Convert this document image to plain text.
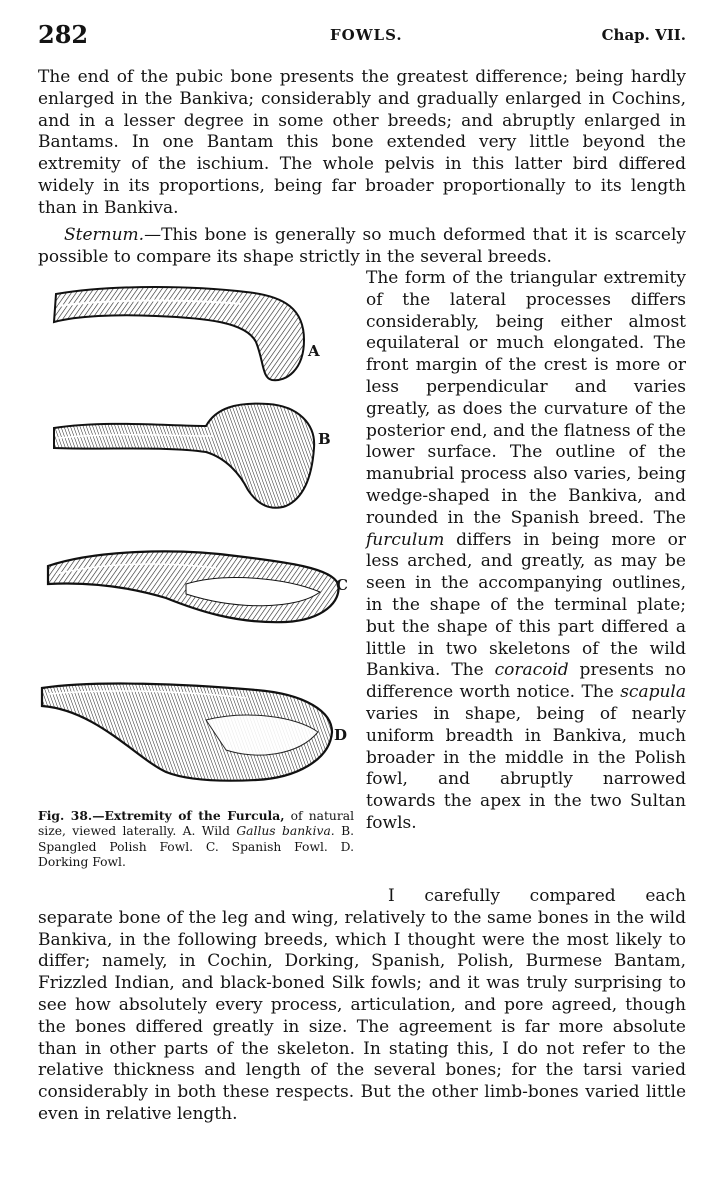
282	FOWLS.	Chap. VII.

The end of the pubic bone presents the greatest difference; being hardly enlarged in the Bankiva; considerably and gradually enlarged in Cochins, and in a lesser degree in some other breeds; and abruptly enlarged in Bantams. In one Bantam this bone extended very little beyond the extremity of the ischium. The whole pelvis in this latter bird differed widely in its proportions, being far broader proportionally to its length than in Bankiva.

Sternum.—This bone is generally so much deformed that it is scarcely possible to compare its shape strictly in the several breeds.

The form of the triangular extremity of the lateral processes differs considerably, being either almost equilateral or much elongated. The front margin of the crest is more or less perpendicular and varies greatly, as does the curvature of the posterior end, and the flatness of the lower surface. The outline of the manubrial process also varies, being wedge-shaped in the Bankiva, and rounded in the Spanish breed. The furculum differs in being more or less arched, and greatly, as may be seen in the accompanying outlines, in the shape of the terminal plate; but the shape of this part differed a little in two skeletons of the wild Bankiva. The coracoid presents no difference worth notice. The scapula varies in shape, being of nearly uniform breadth in Bankiva, much broader in the middle in the Polish fowl, and abruptly narrowed towards the apex in the two Sultan fowls.

A
B
C
D

Fig. 38.—Extremity of the Furcula, of natural size, viewed laterally. A. Wild Gallus bankiva. B. Spangled Polish Fowl. C. Spanish Fowl. D. Dorking Fowl.

I carefully compared each separate bone of the leg and wing, relatively to the same bones in the wild Bankiva, in the following breeds, which I thought were the most likely to differ; namely, in Cochin, Dorking, Spanish, Polish, Burmese Bantam, Frizzled Indian, and black-boned Silk fowls; and it was truly surprising to see how absolutely every process, articulation, and pore agreed, though the bones differed greatly in size. The agreement is far more absolute than in other parts of the skeleton. In stating this, I do not refer to the relative thickness and length of the several bones; for the tarsi varied considerably in both these respects. But the other limb-bones varied little even in relative length.
